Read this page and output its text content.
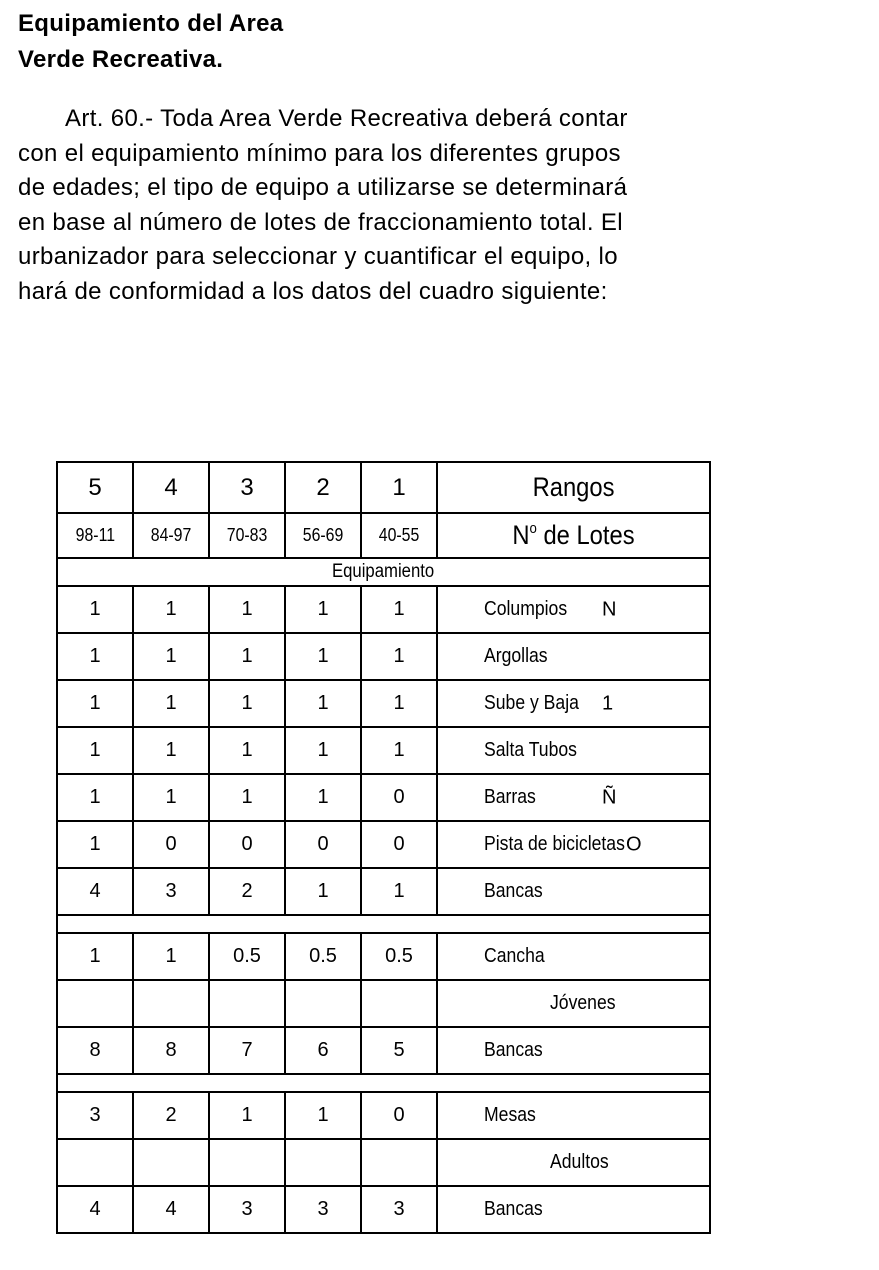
Equipamiento del Area
Verde Recreativa.
Art. 60.- Toda Area Verde Recreativa deberá contar
con el equipamiento mínimo para los diferentes grupos
de edades; el tipo de equipo a utilizarse se determinará
en base al número de lotes de fraccionamiento total. El
urbanizador para seleccionar y cuantificar el equipo, lo
hará de conformidad a los datos del cuadro siguiente:
5	4	3	2	1	Rangos
98-11	84-97	70-83	56-69	40-55	$N^o$ de Lotes
Equipamiento					
1	1	1	1	1	Columpios N

1	1	1	1	1	Argollas
1	1	1	1	1	Sube y Baja 1

1	1	1	1	1	Salta Tubos
1	1	1	1	0	Barras Ñ

1	0	0	0	0	Pista de bicicletas O

4	3	2	1	1	Bancas

1	1	0.5	0.5	0.5	Cancha
					Jóvenes
8	8	7	6	5	Bancas

3	2	1	1	0	Mesas
					Adultos
4	4	3	3	3	Bancas
